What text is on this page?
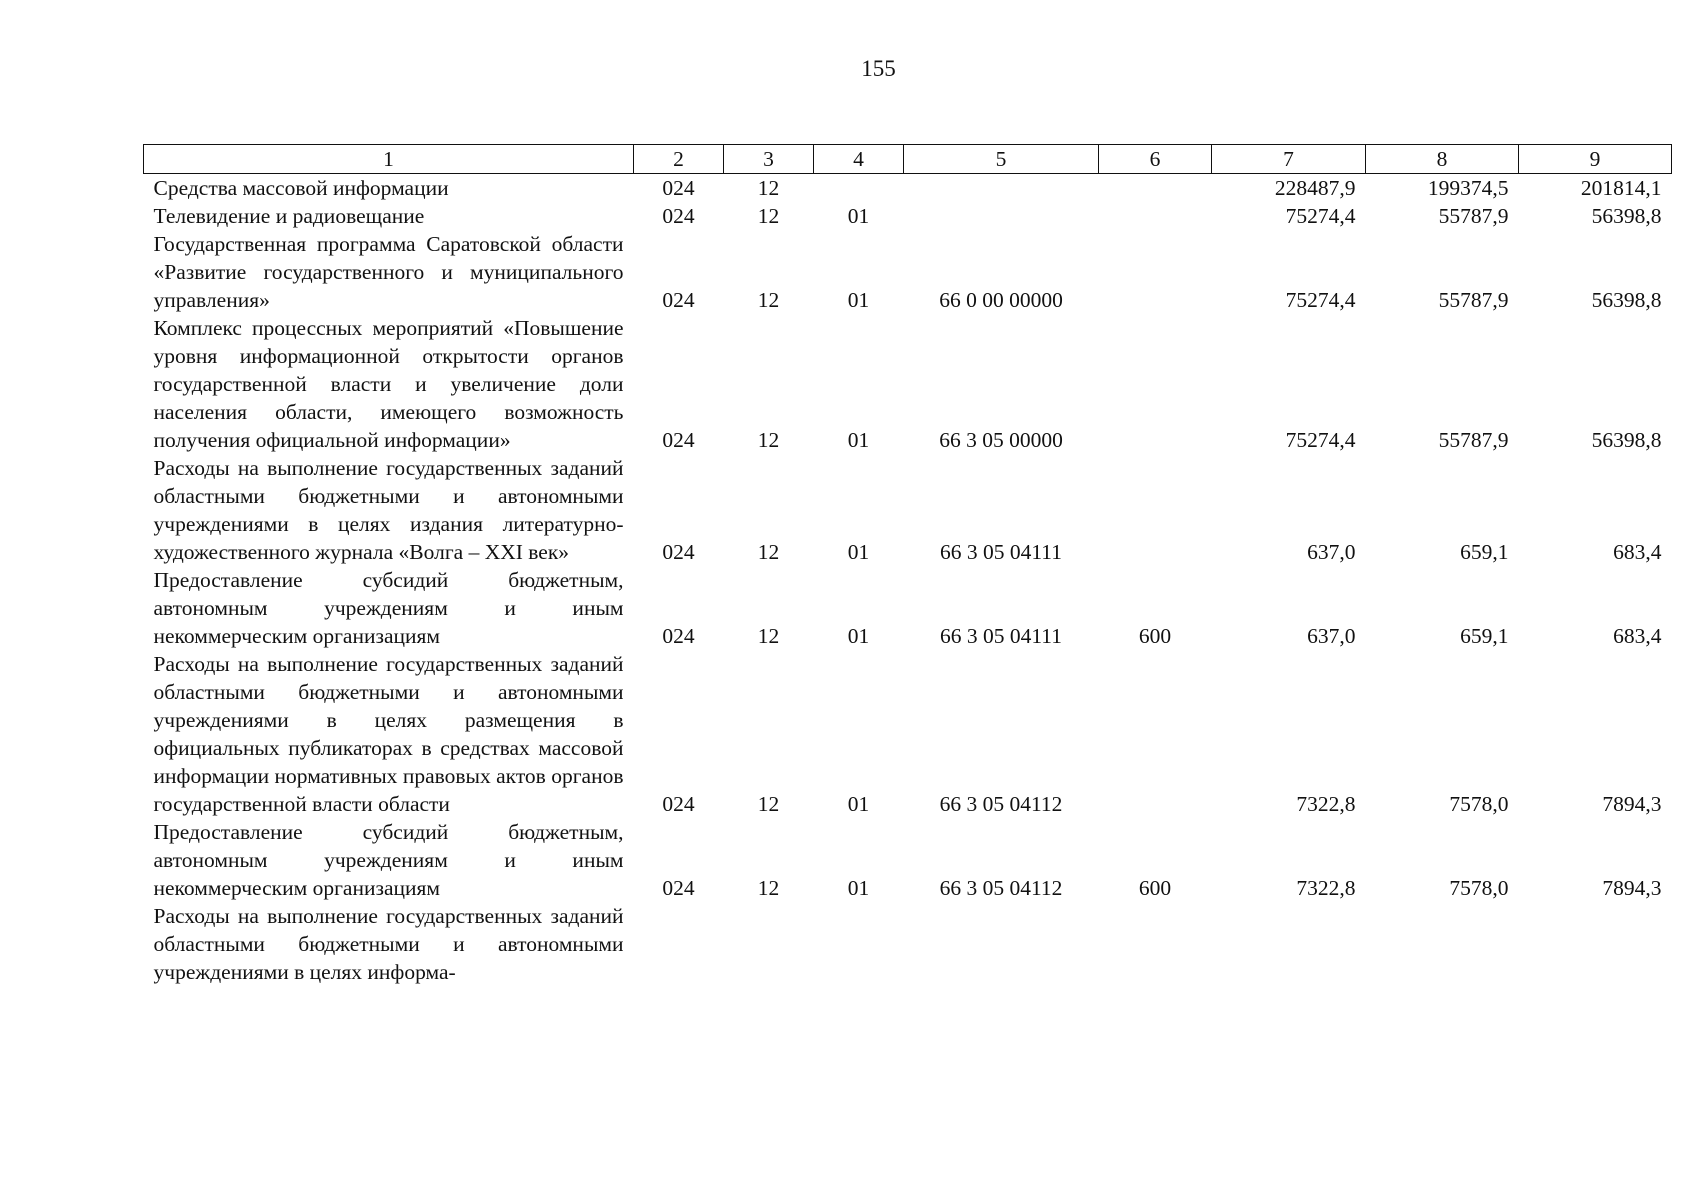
155
1	2	3	4	5	6	7	8	9
Средства массовой информации	024	12				228487,9	199374,5	201814,1
Телевидение и радиовещание	024	12	01			75274,4	55787,9	56398,8
Государственная программа Саратовской области «Развитие государственного и муниципального управления»	024	12	01	66 0 00 00000		75274,4	55787,9	56398,8
Комплекс процессных мероприятий «Повышение уровня информационной открытости органов государственной власти и увеличение доли населения области, имеющего возможность получения официальной информации»	024	12	01	66 3 05 00000		75274,4	55787,9	56398,8
Расходы на выполнение государственных заданий областными бюджетными и автономными учреждениями в целях издания литературно-художественного журнала «Волга – XXI век»	024	12	01	66 3 05 04111		637,0	659,1	683,4
Предоставление субсидий бюджетным, автономным учреждениям и иным некоммерческим организациям	024	12	01	66 3 05 04111	600	637,0	659,1	683,4
Расходы на выполнение государственных заданий областными бюджетными и автономными учреждениями в целях размещения в официальных публикаторах в средствах массовой информации нормативных правовых актов органов государственной власти области	024	12	01	66 3 05 04112		7322,8	7578,0	7894,3
Предоставление субсидий бюджетным, автономным учреждениям и иным некоммерческим организациям	024	12	01	66 3 05 04112	600	7322,8	7578,0	7894,3
Расходы на выполнение государственных заданий областными бюджетными и автономными учреждениями в целях информа-								
